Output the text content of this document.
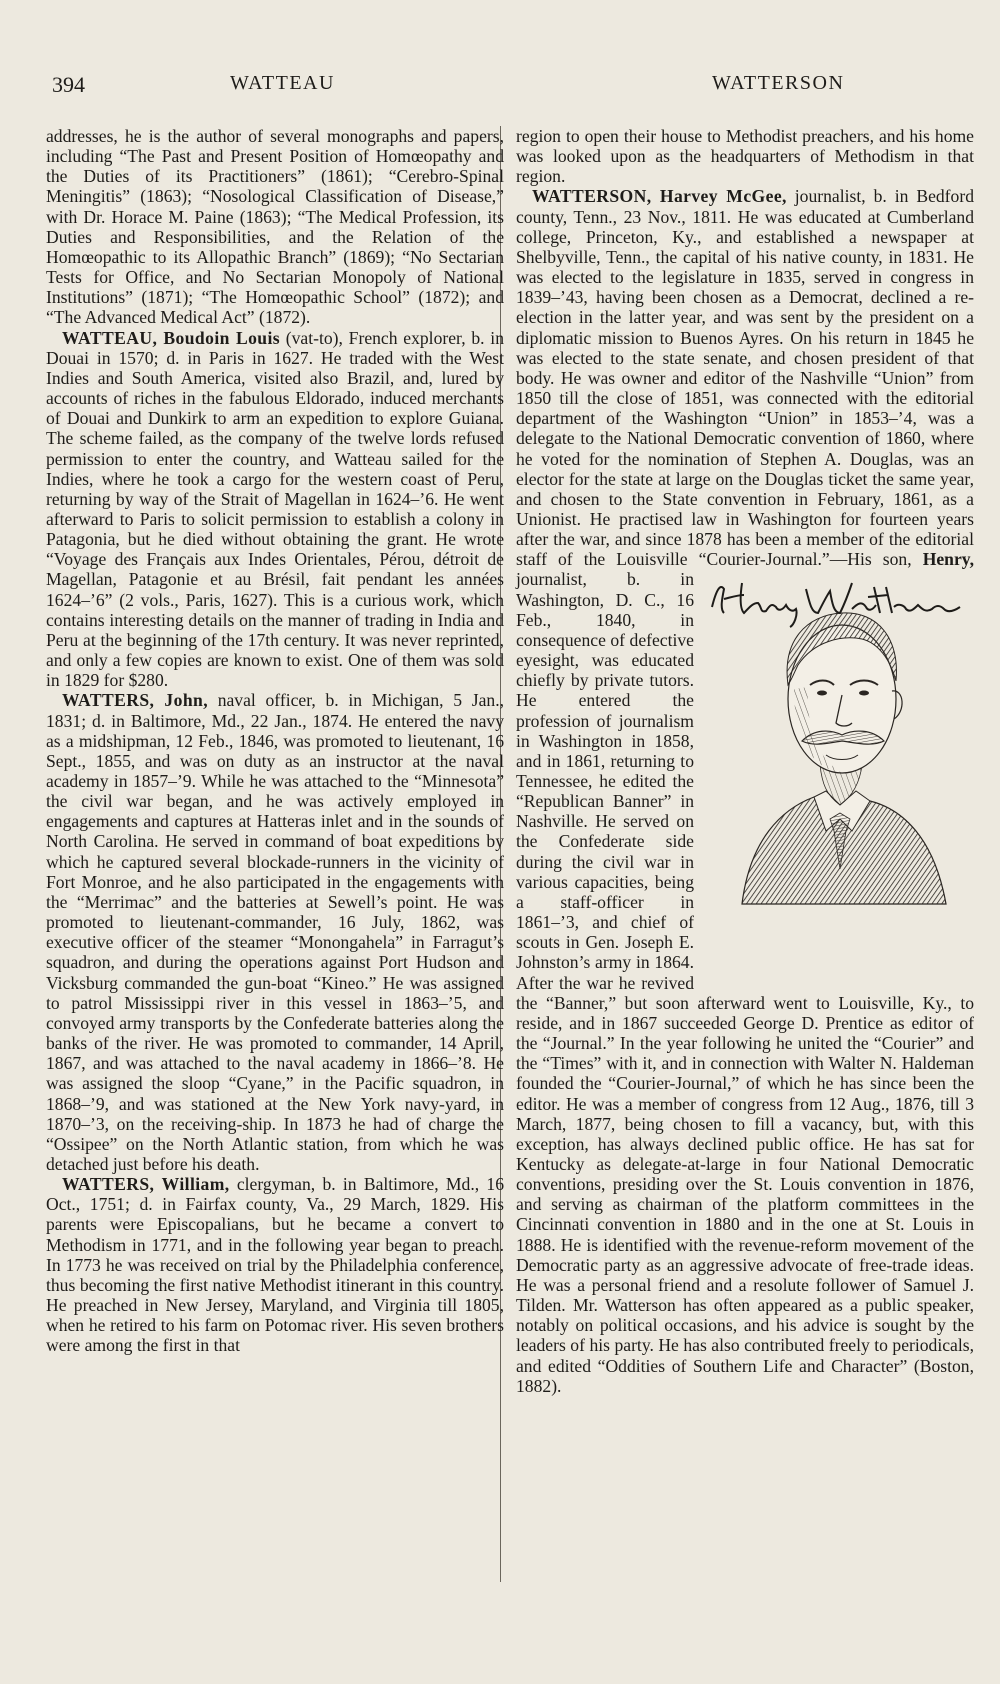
394	WATTEAU	WATTERSON

addresses, he is the author of several monographs and papers, including “The Past and Present Position of Homœopathy and the Duties of its Practitioners” (1861); “Cerebro-Spinal Meningitis” (1863); “Nosological Classification of Disease,” with Dr. Horace M. Paine (1863); “The Medical Profession, its Duties and Responsibilities, and the Relation of the Homœopathic to its Allopathic Branch” (1869); “No Sectarian Tests for Office, and No Sectarian Monopoly of National Institutions” (1871); “The Homœopathic School” (1872); and “The Advanced Medical Act” (1872).

WATTEAU, Boudoin Louis (vat-to), French explorer, b. in Douai in 1570; d. in Paris in 1627. He traded with the West Indies and South America, visited also Brazil, and, lured by accounts of riches in the fabulous Eldorado, induced merchants of Douai and Dunkirk to arm an expedition to explore Guiana. The scheme failed, as the company of the twelve lords refused permission to enter the country, and Watteau sailed for the Indies, where he took a cargo for the western coast of Peru, returning by way of the Strait of Magellan in 1624–’6. He went afterward to Paris to solicit permission to establish a colony in Patagonia, but he died without obtaining the grant. He wrote “Voyage des Français aux Indes Orientales, Pérou, détroit de Magellan, Patagonie et au Brésil, fait pendant les années 1624–’6” (2 vols., Paris, 1627). This is a curious work, which contains interesting details on the manner of trading in India and Peru at the beginning of the 17th century. It was never reprinted, and only a few copies are known to exist. One of them was sold in 1829 for $280.

WATTERS, John, naval officer, b. in Michigan, 5 Jan., 1831; d. in Baltimore, Md., 22 Jan., 1874. He entered the navy as a midshipman, 12 Feb., 1846, was promoted to lieutenant, 16 Sept., 1855, and was on duty as an instructor at the naval academy in 1857–’9. While he was attached to the “Minnesota” the civil war began, and he was actively employed in engagements and captures at Hatteras inlet and in the sounds of North Carolina. He served in command of boat expeditions by which he captured several blockade-runners in the vicinity of Fort Monroe, and he also participated in the engagements with the “Merrimac” and the batteries at Sewell’s point. He was promoted to lieutenant-commander, 16 July, 1862, was executive officer of the steamer “Monongahela” in Farragut’s squadron, and during the operations against Port Hudson and Vicksburg commanded the gun-boat “Kineo.” He was assigned to patrol Mississippi river in this vessel in 1863–’5, and convoyed army transports by the Confederate batteries along the banks of the river. He was promoted to commander, 14 April, 1867, and was attached to the naval academy in 1866–’8. He was assigned the sloop “Cyane,” in the Pacific squadron, in 1868–’9, and was stationed at the New York navy-yard, in 1870–’3, on the receiving-ship. In 1873 he had of charge the “Ossipee” on the North Atlantic station, from which he was detached just before his death.

WATTERS, William, clergyman, b. in Baltimore, Md., 16 Oct., 1751; d. in Fairfax county, Va., 29 March, 1829. His parents were Episcopalians, but he became a convert to Methodism in 1771, and in the following year began to preach. In 1773 he was received on trial by the Philadelphia conference, thus becoming the first native Methodist itinerant in this country. He preached in New Jersey, Maryland, and Virginia till 1805, when he retired to his farm on Potomac river. His seven brothers were among the first in that

region to open their house to Methodist preachers, and his home was looked upon as the headquarters of Methodism in that region.

WATTERSON, Harvey McGee, journalist, b. in Bedford county, Tenn., 23 Nov., 1811. He was educated at Cumberland college, Princeton, Ky., and established a newspaper at Shelbyville, Tenn., the capital of his native county, in 1831. He was elected to the legislature in 1835, served in congress in 1839–’43, having been chosen as a Democrat, declined a re-election in the latter year, and was sent by the president on a diplomatic mission to Buenos Ayres. On his return in 1845 he was elected to the state senate, and chosen president of that body. He was owner and editor of the Nashville “Union” from 1850 till the close of 1851, was connected with the editorial department of the Washington “Union” in 1853–’4, was a delegate to the National Democratic convention of 1860, where he voted for the nomination of Stephen A. Douglas, was an elector for the state at large on the Douglas ticket the same year, and chosen to the State convention in February, 1861, as a Unionist. He practised law in Washington for fourteen years after the war, and since 1878 has been a member of the editorial staff of the Louisville “Courier-Journal.”—His son, Henry,
journalist, b. in Washington, D. C., 16 Feb., 1840, in consequence of defective eyesight, was educated chiefly by private tutors. He entered the profession of journalism in Washington in 1858, and in 1861, returning to Tennessee, he edited the “Republican Banner” in Nashville. He served on the Confederate side during the civil war in various capacities, being a staff-officer in 1861–’3, and chief of scouts in Gen. Joseph E. Johnston’s army in 1864. After the war he revived the “Banner,” but soon afterward went to Louisville, Ky., to reside, and in 1867 succeeded George D. Prentice as editor of the “Journal.” In the year following he united the “Courier” and the “Times” with it, and in connection with Walter N. Haldeman founded the “Courier-Journal,” of which he has since been the editor. He was a member of congress from 12 Aug., 1876, till 3 March, 1877, being chosen to fill a vacancy, but, with this exception, has always declined public office. He has sat for Kentucky as delegate-at-large in four National Democratic conventions, presiding over the St. Louis convention in 1876, and serving as chairman of the platform committees in the Cincinnati convention in 1880 and in the one at St. Louis in 1888. He is identified with the revenue-reform movement of the Democratic party as an aggressive advocate of free-trade ideas. He was a personal friend and a resolute follower of Samuel J. Tilden. Mr. Watterson has often appeared as a public speaker, notably on political occasions, and his advice is sought by the leaders of his party. He has also contributed freely to periodicals, and edited “Oddities of Southern Life and Character” (Boston, 1882).
